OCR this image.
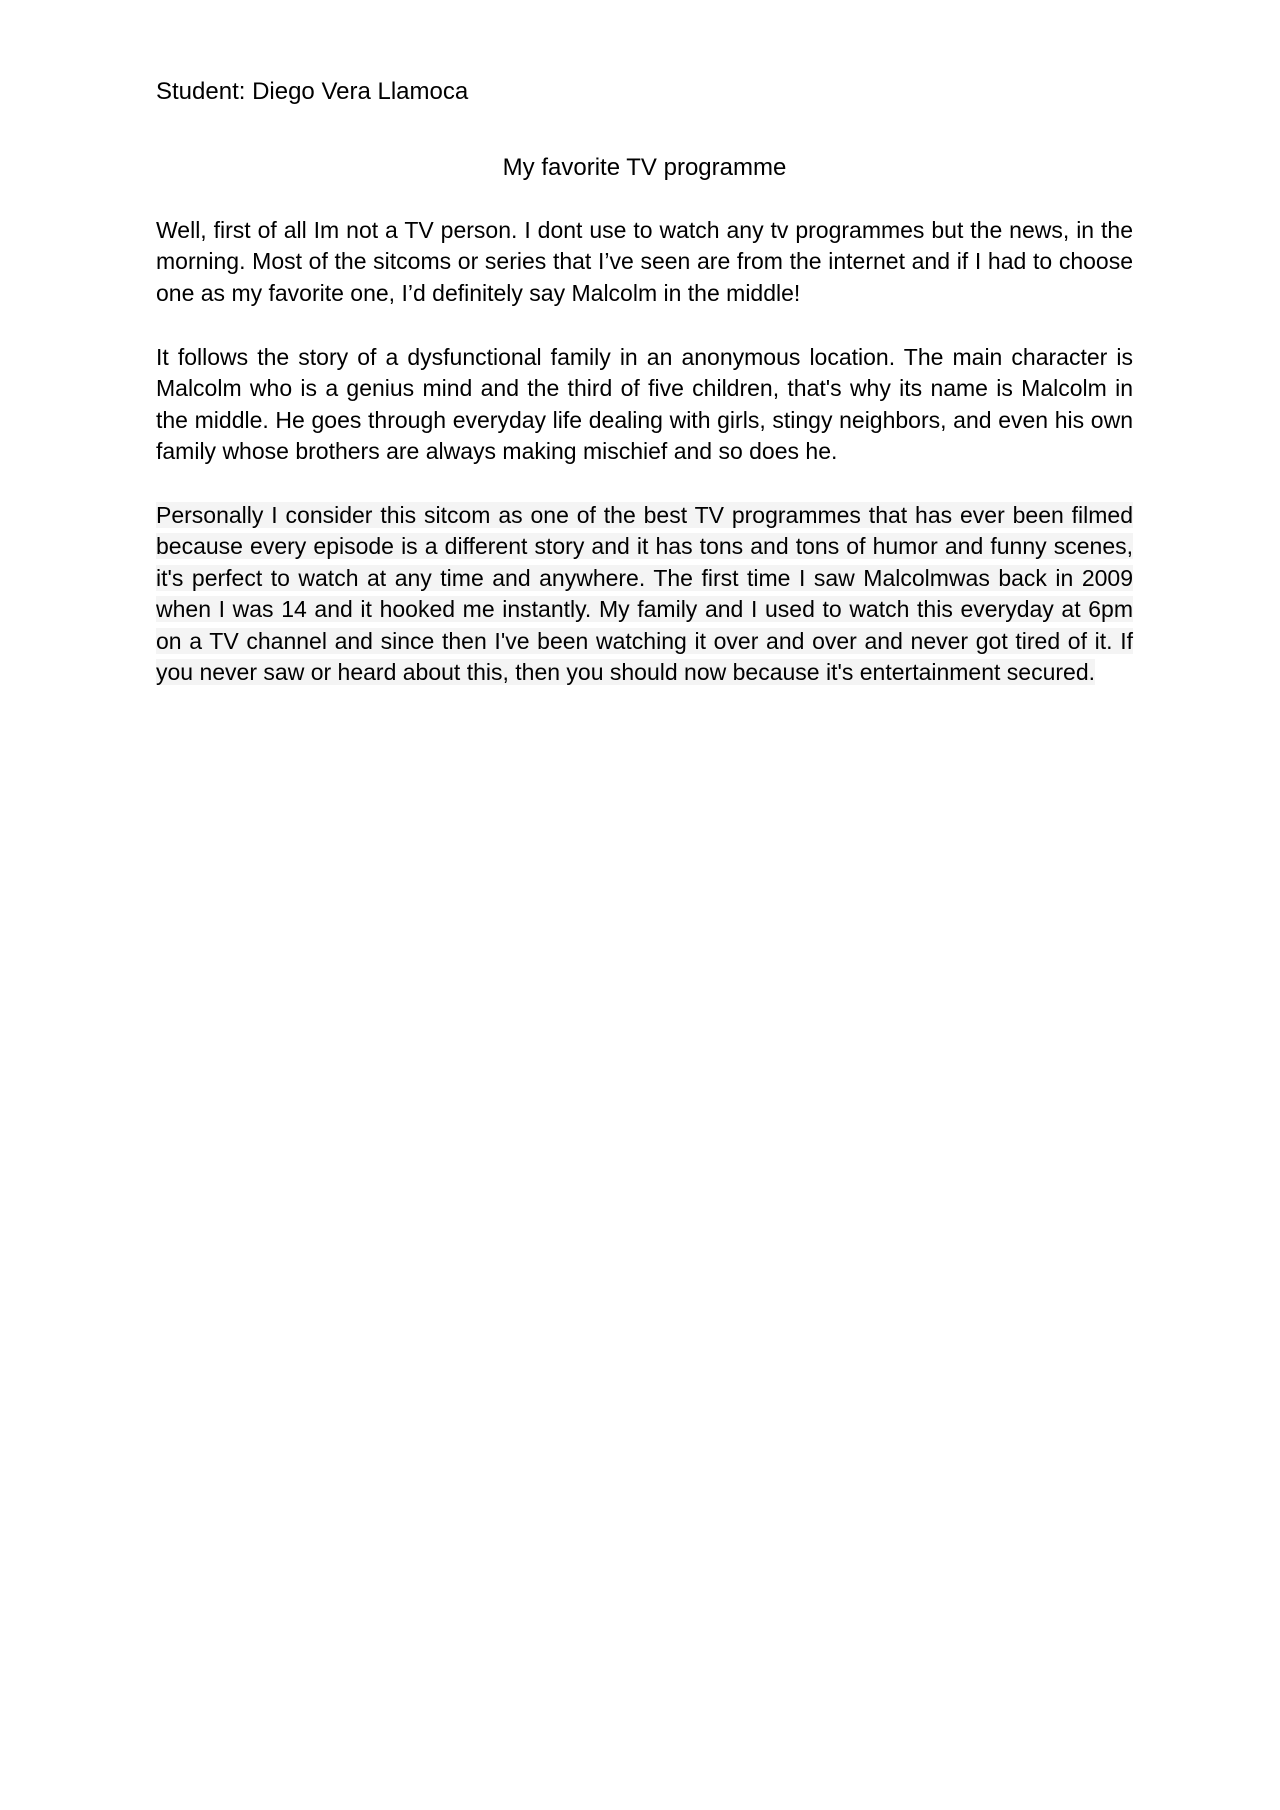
Student: Diego Vera Llamoca
My favorite TV programme

Well, first of all Im not a TV person. I dont use to watch any tv programmes but the news, in the morning. Most of the sitcoms or series that I’ve seen are from the internet and if I had to choose one as my favorite one, I’d definitely say Malcolm in the middle!

It follows the story of a dysfunctional family in an anonymous location. The main character is Malcolm who is a genius mind and the third of five children, that's why its name is Malcolm in the middle. He goes through everyday life dealing with girls, stingy neighbors, and even his own family whose brothers are always making mischief and so does he.

Personally I consider this sitcom as one of the best TV programmes that has ever been filmed because every episode is a different story and it has tons and tons of humor and funny scenes, it's perfect to watch at any time and anywhere. The first time I saw Malcolmwas back in 2009 when I was 14 and it hooked me instantly. My family and I used to watch this everyday at 6pm on a TV channel and since then I've been watching it over and over and never got tired of it. If you never saw or heard about this, then you should now because it's entertainment secured.
